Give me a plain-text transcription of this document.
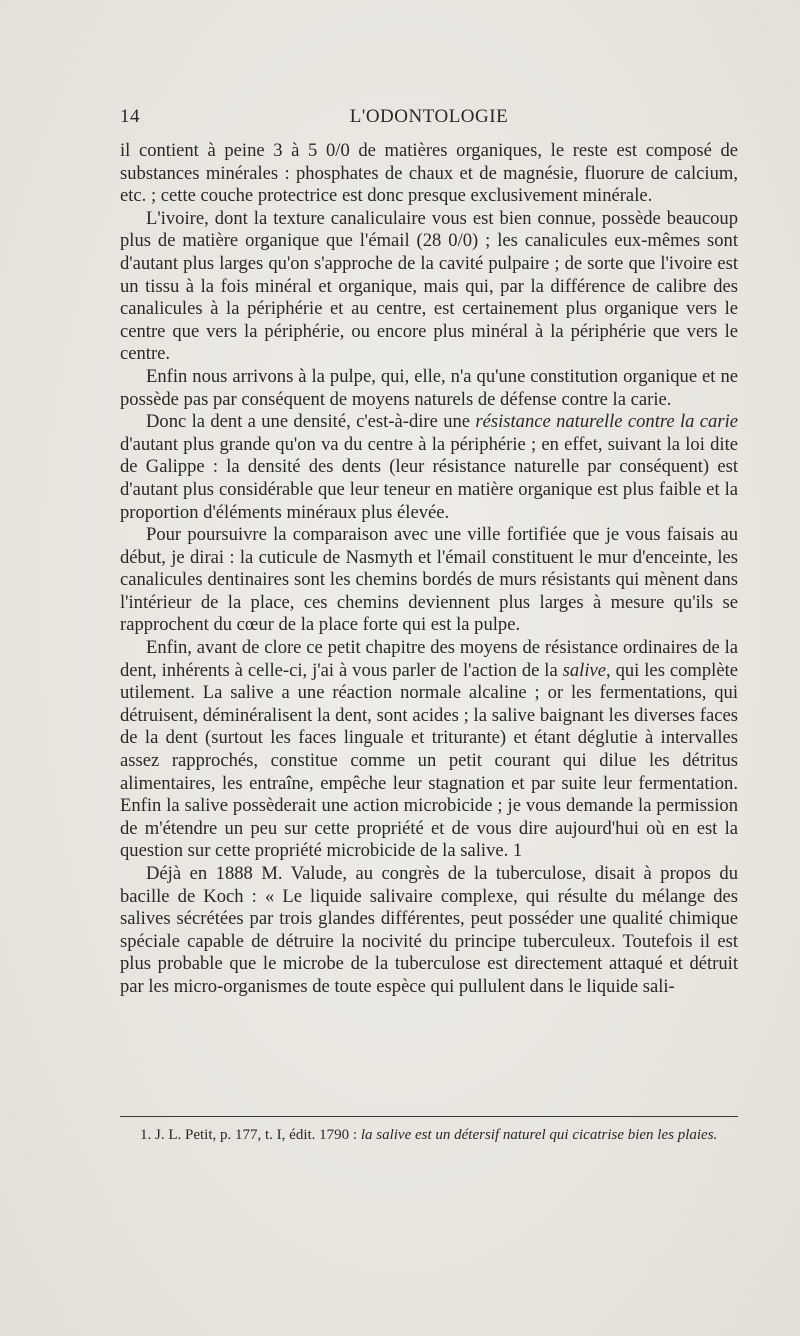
14	L'ODONTOLOGIE

il contient à peine 3 à 5 0/0 de matières organiques, le reste est composé de substances minérales : phosphates de chaux et de magnésie, fluorure de calcium, etc. ; cette couche protectrice est donc presque exclusivement minérale.

L'ivoire, dont la texture canaliculaire vous est bien connue, possède beaucoup plus de matière organique que l'émail (28 0/0) ; les canalicules eux-mêmes sont d'autant plus larges qu'on s'approche de la cavité pulpaire ; de sorte que l'ivoire est un tissu à la fois minéral et organique, mais qui, par la différence de calibre des canalicules à la périphérie et au centre, est certainement plus organique vers le centre que vers la périphérie, ou encore plus minéral à la périphérie que vers le centre.

Enfin nous arrivons à la pulpe, qui, elle, n'a qu'une constitution organique et ne possède pas par conséquent de moyens naturels de défense contre la carie.

Donc la dent a une densité, c'est-à-dire une résistance naturelle contre la carie d'autant plus grande qu'on va du centre à la périphérie ; en effet, suivant la loi dite de Galippe : la densité des dents (leur résistance naturelle par conséquent) est d'autant plus considérable que leur teneur en matière organique est plus faible et la proportion d'éléments minéraux plus élevée.

Pour poursuivre la comparaison avec une ville fortifiée que je vous faisais au début, je dirai : la cuticule de Nasmyth et l'émail constituent le mur d'enceinte, les canalicules dentinaires sont les chemins bordés de murs résistants qui mènent dans l'intérieur de la place, ces chemins deviennent plus larges à mesure qu'ils se rapprochent du cœur de la place forte qui est la pulpe.

Enfin, avant de clore ce petit chapitre des moyens de résistance ordinaires de la dent, inhérents à celle-ci, j'ai à vous parler de l'action de la salive, qui les complète utilement. La salive a une réaction normale alcaline ; or les fermentations, qui détruisent, déminéralisent la dent, sont acides ; la salive baignant les diverses faces de la dent (surtout les faces linguale et triturante) et étant déglutie à intervalles assez rapprochés, constitue comme un petit courant qui dilue les détritus alimentaires, les entraîne, empêche leur stagnation et par suite leur fermentation. Enfin la salive possèderait une action microbicide ; je vous demande la permission de m'étendre un peu sur cette propriété et de vous dire aujourd'hui où en est la question sur cette propriété microbicide de la salive. 1

Déjà en 1888 M. Valude, au congrès de la tuberculose, disait à propos du bacille de Koch : « Le liquide salivaire complexe, qui résulte du mélange des salives sécrétées par trois glandes différentes, peut posséder une qualité chimique spéciale capable de détruire la nocivité du principe tuberculeux. Toutefois il est plus probable que le microbe de la tuberculose est directement attaqué et détruit par les micro-organismes de toute espèce qui pullulent dans le liquide sali-

1. J. L. Petit, p. 177, t. I, édit. 1790 : la salive est un détersif naturel qui cicatrise bien les plaies.
